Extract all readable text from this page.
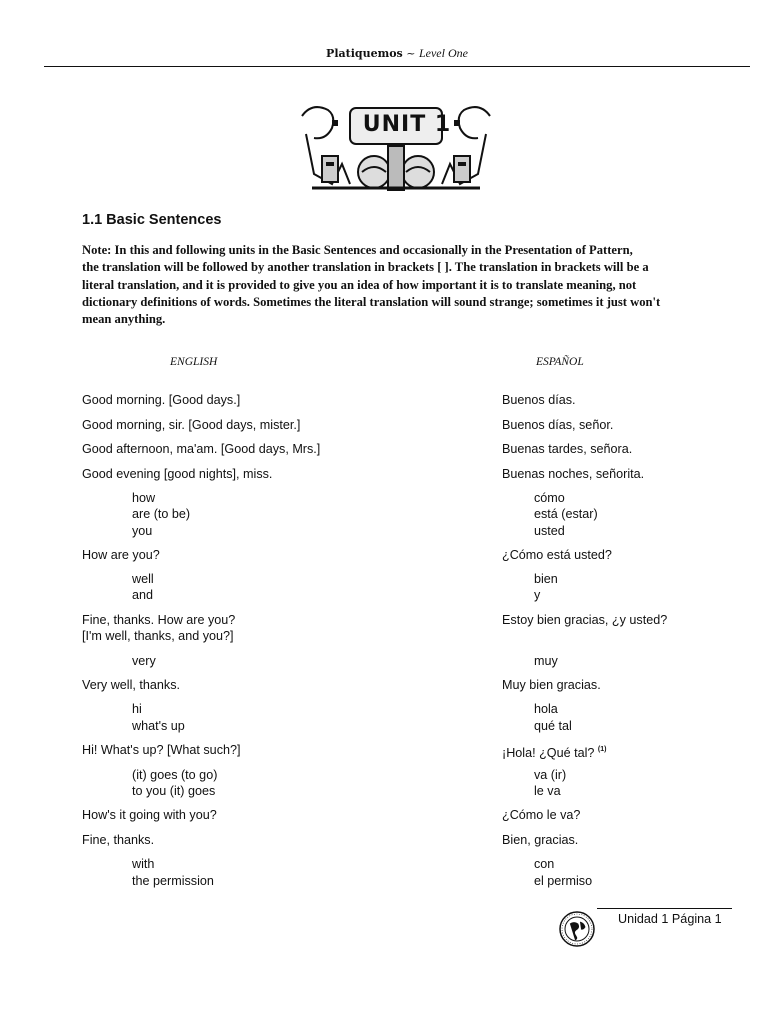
Platiquemos ~ Level One
UNIT 1
1.1 Basic Sentences
Note: In this and following units in the Basic Sentences and occasionally in the Presentation of Pattern,
the translation will be followed by another translation in brackets [ ]. The translation in brackets will be a
literal translation, and it is provided to give you an idea of how important it is to translate meaning, not
dictionary definitions of words. Sometimes the literal translation will sound strange; sometimes it just won't
mean anything.
ENGLISH	ESPAÑOL
Good morning. [Good days.]
Good morning, sir. [Good days, mister.]
Good afternoon, ma'am. [Good days, Mrs.]
Good evening [good nights], miss.
how
are (to be)
you
How are you?
well
and
Fine, thanks. How are you?
[I'm well, thanks, and you?]
very
Very well, thanks.
hi
what's up
Hi! What's up? [What such?]
(it) goes (to go)
to you (it) goes
How's it going with you?
Fine, thanks.
with
the permission
Buenos días.
Buenos días, señor.
Buenas tardes, señora.
Buenas noches, señorita.
cómo
está (estar)
usted
¿Cómo está usted?
bien
y
Estoy bien gracias, ¿y usted?
muy
Muy bien gracias.
hola
qué tal
¡Hola! ¿Qué tal? $^{(1)}$
va (ir)
le va
¿Cómo le va?
Bien, gracias.
con
el permiso
Unidad 1 Página 1
